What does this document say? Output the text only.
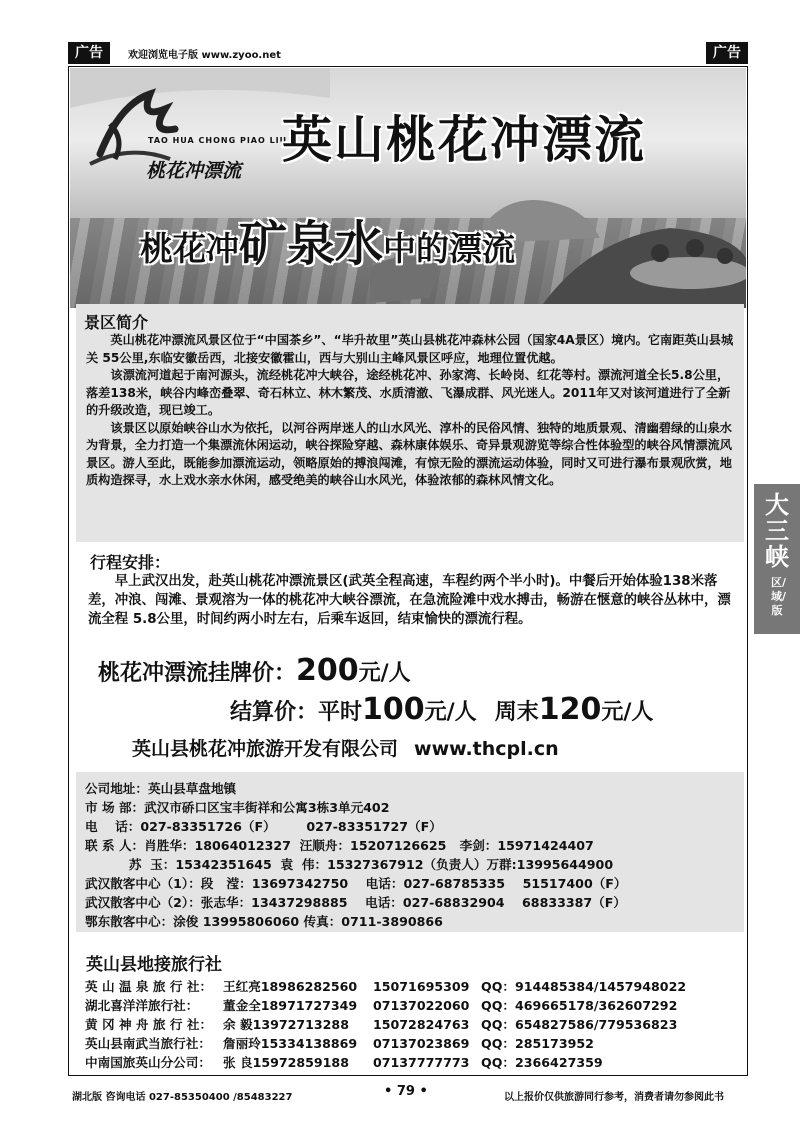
广告	欢迎浏览电子版 www.zyoo.net	广告
TAO HUA CHONG PIAO LIU
桃花冲漂流
英山桃花冲漂流
桃花冲矿泉水中的漂流
景区简介

英山桃花冲漂流风景区位于“中国茶乡”、“毕升故里”英山县桃花冲森林公园（国家4A景区）境内。它南距英山县城关 55公里,东临安徽岳西，北接安徽霍山，西与大别山主峰风景区呼应，地理位置优越。

该漂流河道起于南河源头，流经桃花冲大峡谷，途经桃花冲、孙家湾、长岭岗、红花等村。漂流河道全长5.8公里，落差138米，峡谷内峰峦叠翠、奇石林立、林木繁茂、水质清澈、飞瀑成群、风光迷人。2011年又对该河道进行了全新的升级改造，现已竣工。

该景区以原始峡谷山水为依托，以河谷两岸迷人的山水风光、淳朴的民俗风情、独特的地质景观、清幽碧绿的山泉水为背景，全力打造一个集漂流休闲运动，峡谷探险穿越、森林康体娱乐、奇异景观游览等综合性体验型的峡谷风情漂流风景区。游人至此，既能参加漂流运动，领略原始的搏浪闯滩，有惊无险的漂流运动体验，同时又可进行瀑布景观欣赏，地质构造探寻，水上戏水亲水休闲，感受绝美的峡谷山水风光，体验浓郁的森林风情文化。

行程安排：

早上武汉出发，赴英山桃花冲漂流景区(武英全程高速，车程约两个半小时)。中餐后开始体验138米落差，冲浪、闯滩、景观溶为一体的桃花冲大峡谷漂流，在急流险滩中戏水搏击，畅游在惬意的峡谷丛林中，漂流全程 5.8公里，时间约两小时左右，后乘车返回，结束愉快的漂流行程。

桃花冲漂流挂牌价：200元/人
结算价：平时100元/人 周末120元/人
英山县桃花冲旅游开发有限公司 www.thcpl.cn
公司地址：英山县草盘地镇
市 场 部：武汉市硚口区宝丰街祥和公寓3栋3单元402
电    话：027-83351726（F）       027-83351727（F）
联 系 人：肖胜华：18064012327  汪顺舟：15207126625   李剑：15971424407
苏  玉：15342351645  袁  伟：15327367912（负责人）万群:13995644900
武汉散客中心（1）：段   滢：13697342750    电话：027-68785335    51517400（F）
武汉散客中心（2）：张志华：13437298885    电话：027-68832904    68833387（F）
鄂东散客中心：涂俊 13995806060 传真：0711-3890866
英山县地接旅行社
英 山 温 泉 旅 行 社： 王红亮18986282560 15071695309 QQ：914485384/1457948022
湖北喜洋洋旅行社： 董金全18971727349 07137022060 QQ：469665178/362607292
黄 冈 神 舟 旅 行 社： 余 毅13972713288 15072824763 QQ：654827586/779536823
英山县南武当旅行社： 詹丽玲15334138869 07137023869 QQ：285173952
中南国旅英山分公司： 张 良15972859188 07137777773 QQ：2366427359
大三峡
区/域/版
湖北版 咨询电话 027-85350400 /85483227	• 79 •	以上报价仅供旅游同行参考，消费者请勿参阅此书
